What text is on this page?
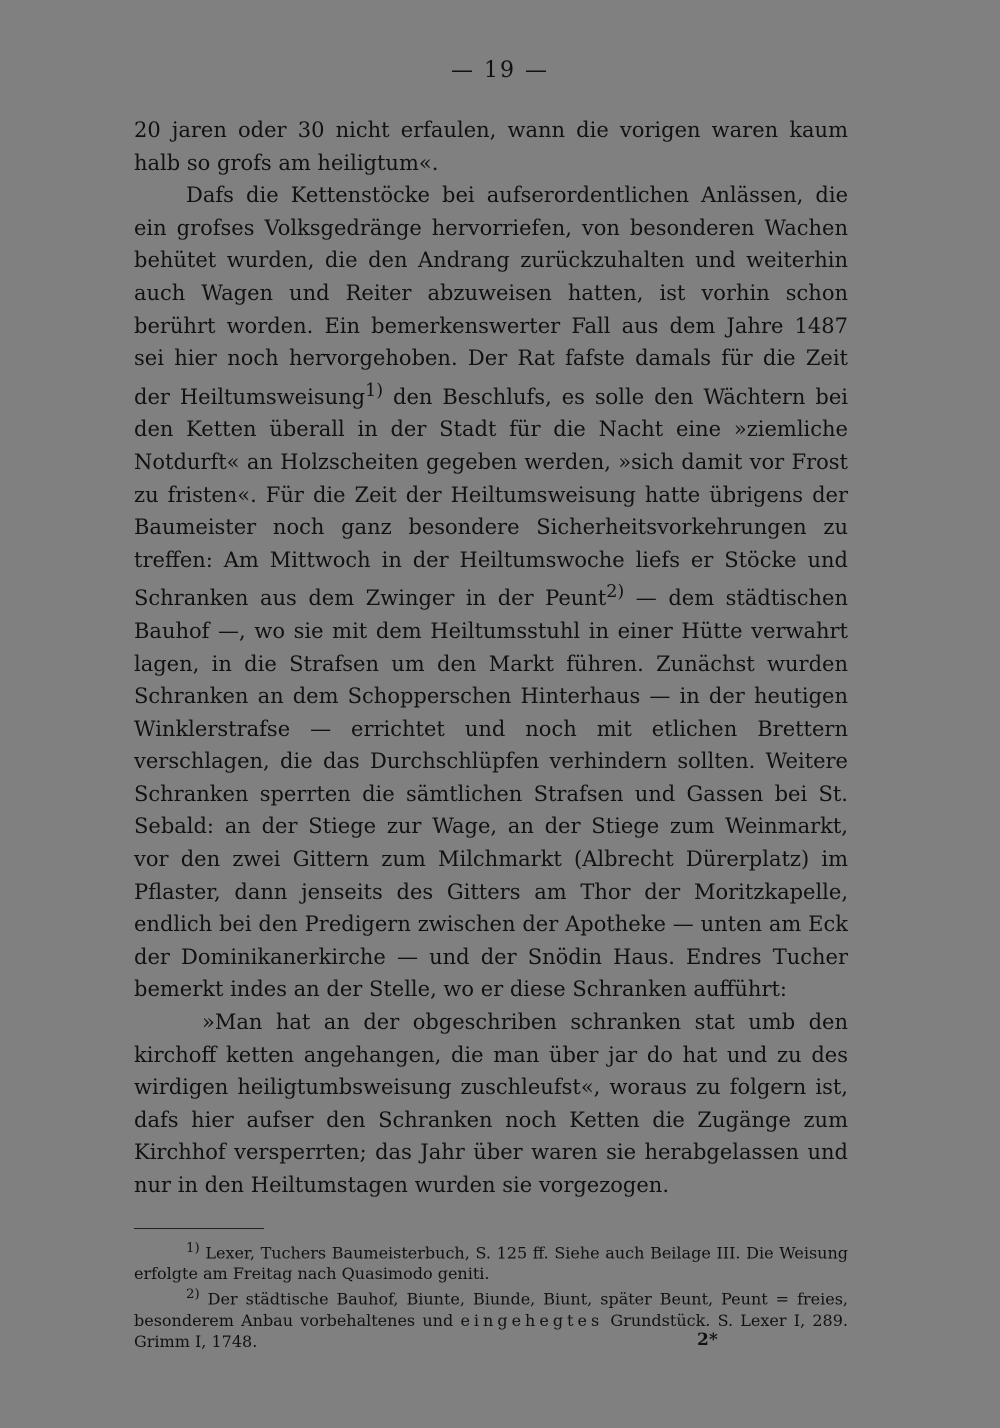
— 19 —

20 jaren oder 30 nicht erfaulen, wann die vorigen waren kaum halb so grofs am heiligtum«.

Dafs die Kettenstöcke bei aufserordentlichen Anlässen, die ein grofses Volksgedränge hervorriefen, von besonderen Wachen behütet wurden, die den Andrang zurückzuhalten und weiterhin auch Wagen und Reiter abzuweisen hatten, ist vorhin schon berührt worden. Ein bemerkenswerter Fall aus dem Jahre 1487 sei hier noch hervorgehoben. Der Rat fafste damals für die Zeit der Heiltumsweisung$^{1)}$ den Beschlufs, es solle den Wächtern bei den Ketten überall in der Stadt für die Nacht eine »ziemliche Notdurft« an Holzscheiten gegeben werden, »sich damit vor Frost zu fristen«. Für die Zeit der Heiltumsweisung hatte übrigens der Baumeister noch ganz besondere Sicherheitsvorkehrungen zu treffen: Am Mittwoch in der Heiltumswoche liefs er Stöcke und Schranken aus dem Zwinger in der Peunt$^{2)}$ — dem städtischen Bauhof —, wo sie mit dem Heiltumsstuhl in einer Hütte verwahrt lagen, in die Strafsen um den Markt führen. Zunächst wurden Schranken an dem Schopperschen Hinterhaus — in der heutigen Winklerstrafse — errichtet und noch mit etlichen Brettern verschlagen, die das Durchschlüpfen verhindern sollten. Weitere Schranken sperrten die sämtlichen Strafsen und Gassen bei St. Sebald: an der Stiege zur Wage, an der Stiege zum Weinmarkt, vor den zwei Gittern zum Milchmarkt (Albrecht Dürerplatz) im Pflaster, dann jenseits des Gitters am Thor der Moritzkapelle, endlich bei den Predigern zwischen der Apotheke — unten am Eck der Dominikanerkirche — und der Snödin Haus. Endres Tucher bemerkt indes an der Stelle, wo er diese Schranken aufführt:

»Man hat an der obgeschriben schranken stat umb den kirchoff ketten angehangen, die man über jar do hat und zu des wirdigen heiligtumbsweisung zuschleufst«, woraus zu folgern ist, dafs hier aufser den Schranken noch Ketten die Zugänge zum Kirchhof versperrten; das Jahr über waren sie herabgelassen und nur in den Heiltumstagen wurden sie vorgezogen.

$^{1)}$ Lexer, Tuchers Baumeisterbuch, S. 125 ff. Siehe auch Beilage III. Die Weisung erfolgte am Freitag nach Quasimodo geniti.

$^{2)}$ Der städtische Bauhof, Biunte, Biunde, Biunt, später Beunt, Peunt = freies, besonderem Anbau vorbehaltenes und eingehegtes Grundstück. S. Lexer I, 289. Grimm I, 1748.	2*
